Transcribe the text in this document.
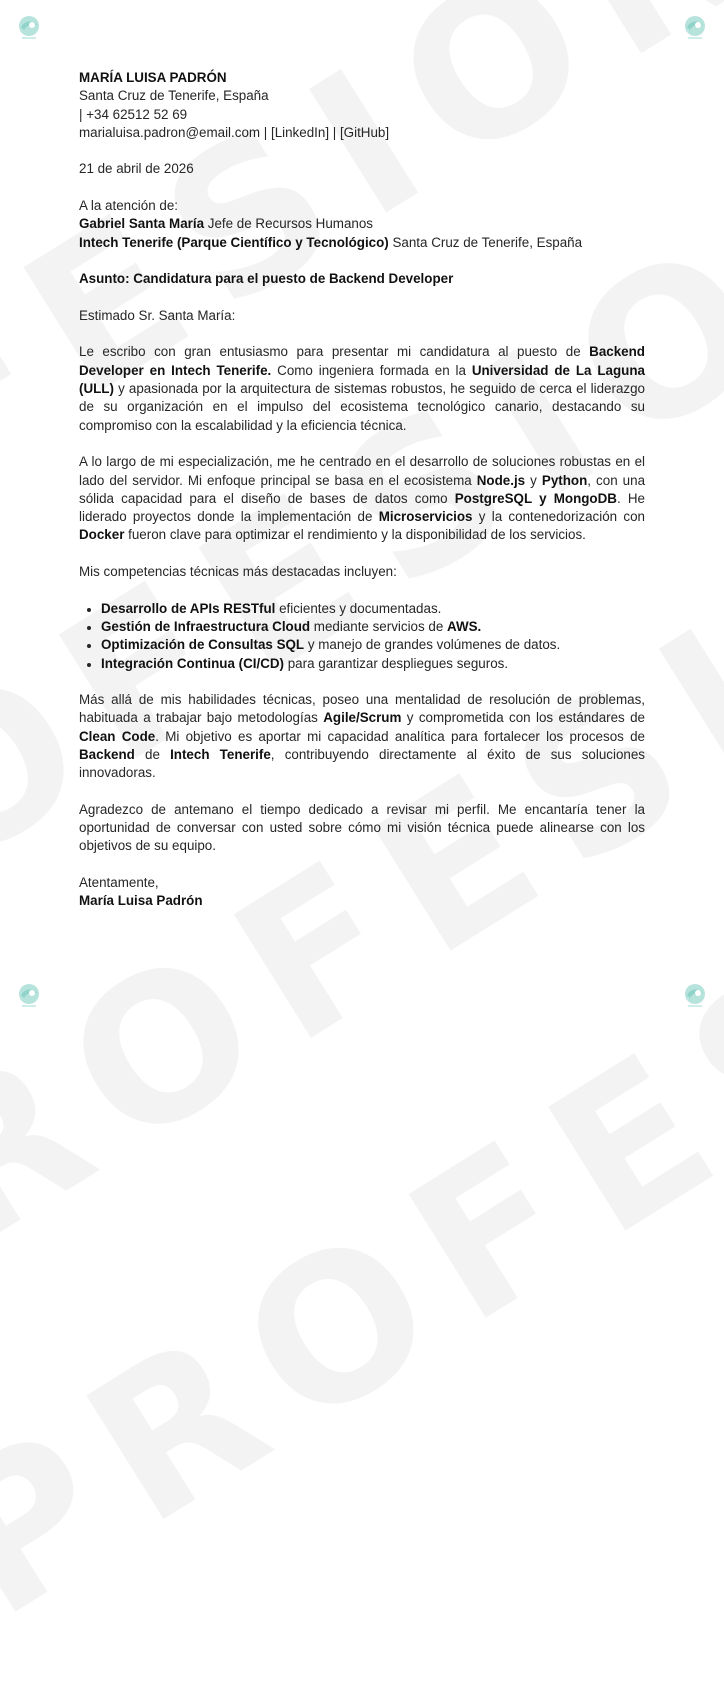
MARÍA LUISA PADRÓN

Santa Cruz de Tenerife, España

| +34 62512 52 69

marialuisa.padron@email.com | [LinkedIn] | [GitHub]

21 de abril de 2026

A la atención de:

Gabriel Santa María Jefe de Recursos Humanos

Intech Tenerife (Parque Científico y Tecnológico) Santa Cruz de Tenerife, España

Asunto: Candidatura para el puesto de Backend Developer

Estimado Sr. Santa María:

Le escribo con gran entusiasmo para presentar mi candidatura al puesto de Backend Developer en Intech Tenerife. Como ingeniera formada en la Universidad de La Laguna (ULL) y apasionada por la arquitectura de sistemas robustos, he seguido de cerca el liderazgo de su organización en el impulso del ecosistema tecnológico canario, destacando su compromiso con la escalabilidad y la eficiencia técnica.

A lo largo de mi especialización, me he centrado en el desarrollo de soluciones robustas en el lado del servidor. Mi enfoque principal se basa en el ecosistema Node.js y Python, con una sólida capacidad para el diseño de bases de datos como PostgreSQL y MongoDB. He liderado proyectos donde la implementación de Microservicios y la contenedorización con Docker fueron clave para optimizar el rendimiento y la disponibilidad de los servicios.

Mis competencias técnicas más destacadas incluyen:

• Desarrollo de APIs RESTful eficientes y documentadas.
• Gestión de Infraestructura Cloud mediante servicios de AWS.
• Optimización de Consultas SQL y manejo de grandes volúmenes de datos.
• Integración Continua (CI/CD) para garantizar despliegues seguros.

Más allá de mis habilidades técnicas, poseo una mentalidad de resolución de problemas, habituada a trabajar bajo metodologías Agile/Scrum y comprometida con los estándares de Clean Code. Mi objetivo es aportar mi capacidad analítica para fortalecer los procesos de Backend de Intech Tenerife, contribuyendo directamente al éxito de sus soluciones innovadoras.

Agradezco de antemano el tiempo dedicado a revisar mi perfil. Me encantaría tener la oportunidad de conversar con usted sobre cómo mi visión técnica puede alinearse con los objetivos de su equipo.

Atentamente,

María Luisa Padrón
